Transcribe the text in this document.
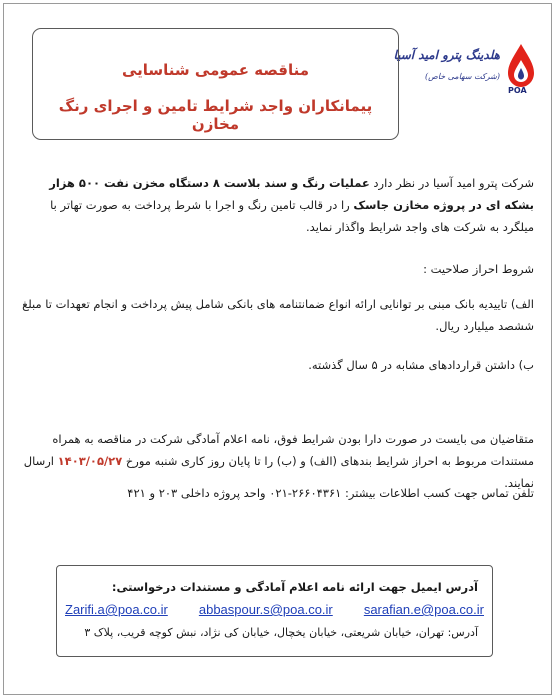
هلدینگ پترو امید آسیا
(شرکت سهامی خاص)
POA
مناقصه عمومی شناسایی
پیمانکاران واجد شرایط تامین و اجرای رنگ مخازن

شرکت پترو امید آسیا در نظر دارد عملیات رنگ و سند بلاست ۸ دستگاه مخزن نفت ۵۰۰ هزار بشکه ای در پروژه مخازن جاسک را در قالب تامین رنگ و اجرا با شرط پرداخت به صورت تهاتر با میلگرد به شرکت های واجد شرایط واگذار نماید.

شروط احراز صلاحیت :

الف) تاییدیه بانک مبنی بر توانایی ارائه انواع ضمانتنامه های بانکی شامل پیش پرداخت و انجام تعهدات تا مبلغ ششصد میلیارد ریال.

ب) داشتن قراردادهای مشابه در ۵ سال گذشته.

متقاضیان می بایست در صورت دارا بودن شرایط فوق، نامه اعلام آمادگی شرکت در مناقصه به همراه مستندات مربوط به احراز شرایط بندهای (الف) و (ب) را تا پایان روز کاری شنبه مورخ ۱۴۰۳/۰۵/۲۷ ارسال نمایند.

تلفن تماس جهت کسب اطلاعات بیشتر: ۲۶۶۰۴۳۶۱-۰۲۱ واحد پروژه داخلی ۲۰۳ و ۴۲۱

آدرس ایمیل جهت ارائه نامه اعلام آمادگی و مستندات درخواستی:
Zarifi.a@poa.co.ir abbaspour.s@poa.co.ir sarafian.e@poa.co.ir
آدرس: تهران، خیابان شریعتی، خیابان یخچال، خیابان کی نژاد، نبش کوچه قریب، پلاک ۳
